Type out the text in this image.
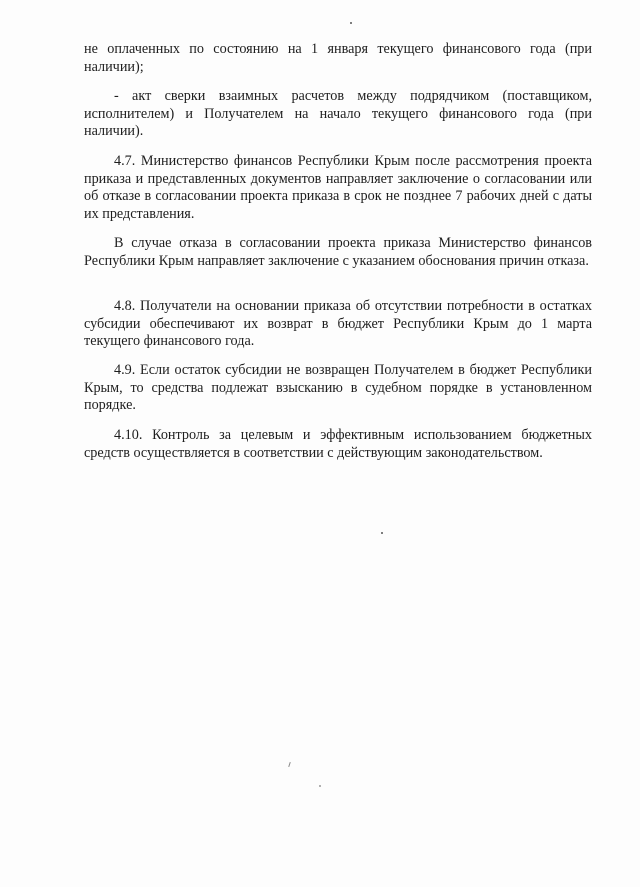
не оплаченных по состоянию на 1 января текущего финансового года (при наличии);

- акт сверки взаимных расчетов между подрядчиком (поставщиком, исполнителем) и Получателем на начало текущего финансового года (при наличии).

4.7. Министерство финансов Республики Крым после рассмотрения проекта приказа и представленных документов направляет заключение о согласовании или об отказе в согласовании проекта приказа в срок не позднее 7 рабочих дней с даты их представления.

В случае отказа в согласовании проекта приказа Министерство финансов Республики Крым направляет заключение с указанием обоснования причин отказа.

4.8. Получатели на основании приказа об отсутствии потребности в остатках субсидии обеспечивают их возврат в бюджет Республики Крым до 1 марта текущего финансового года.

4.9. Если остаток субсидии не возвращен Получателем в бюджет Республики Крым, то средства подлежат взысканию в судебном порядке в установленном порядке.

4.10. Контроль за целевым и эффективным использованием бюджетных средств осуществляется в соответствии с действующим законодательством.
